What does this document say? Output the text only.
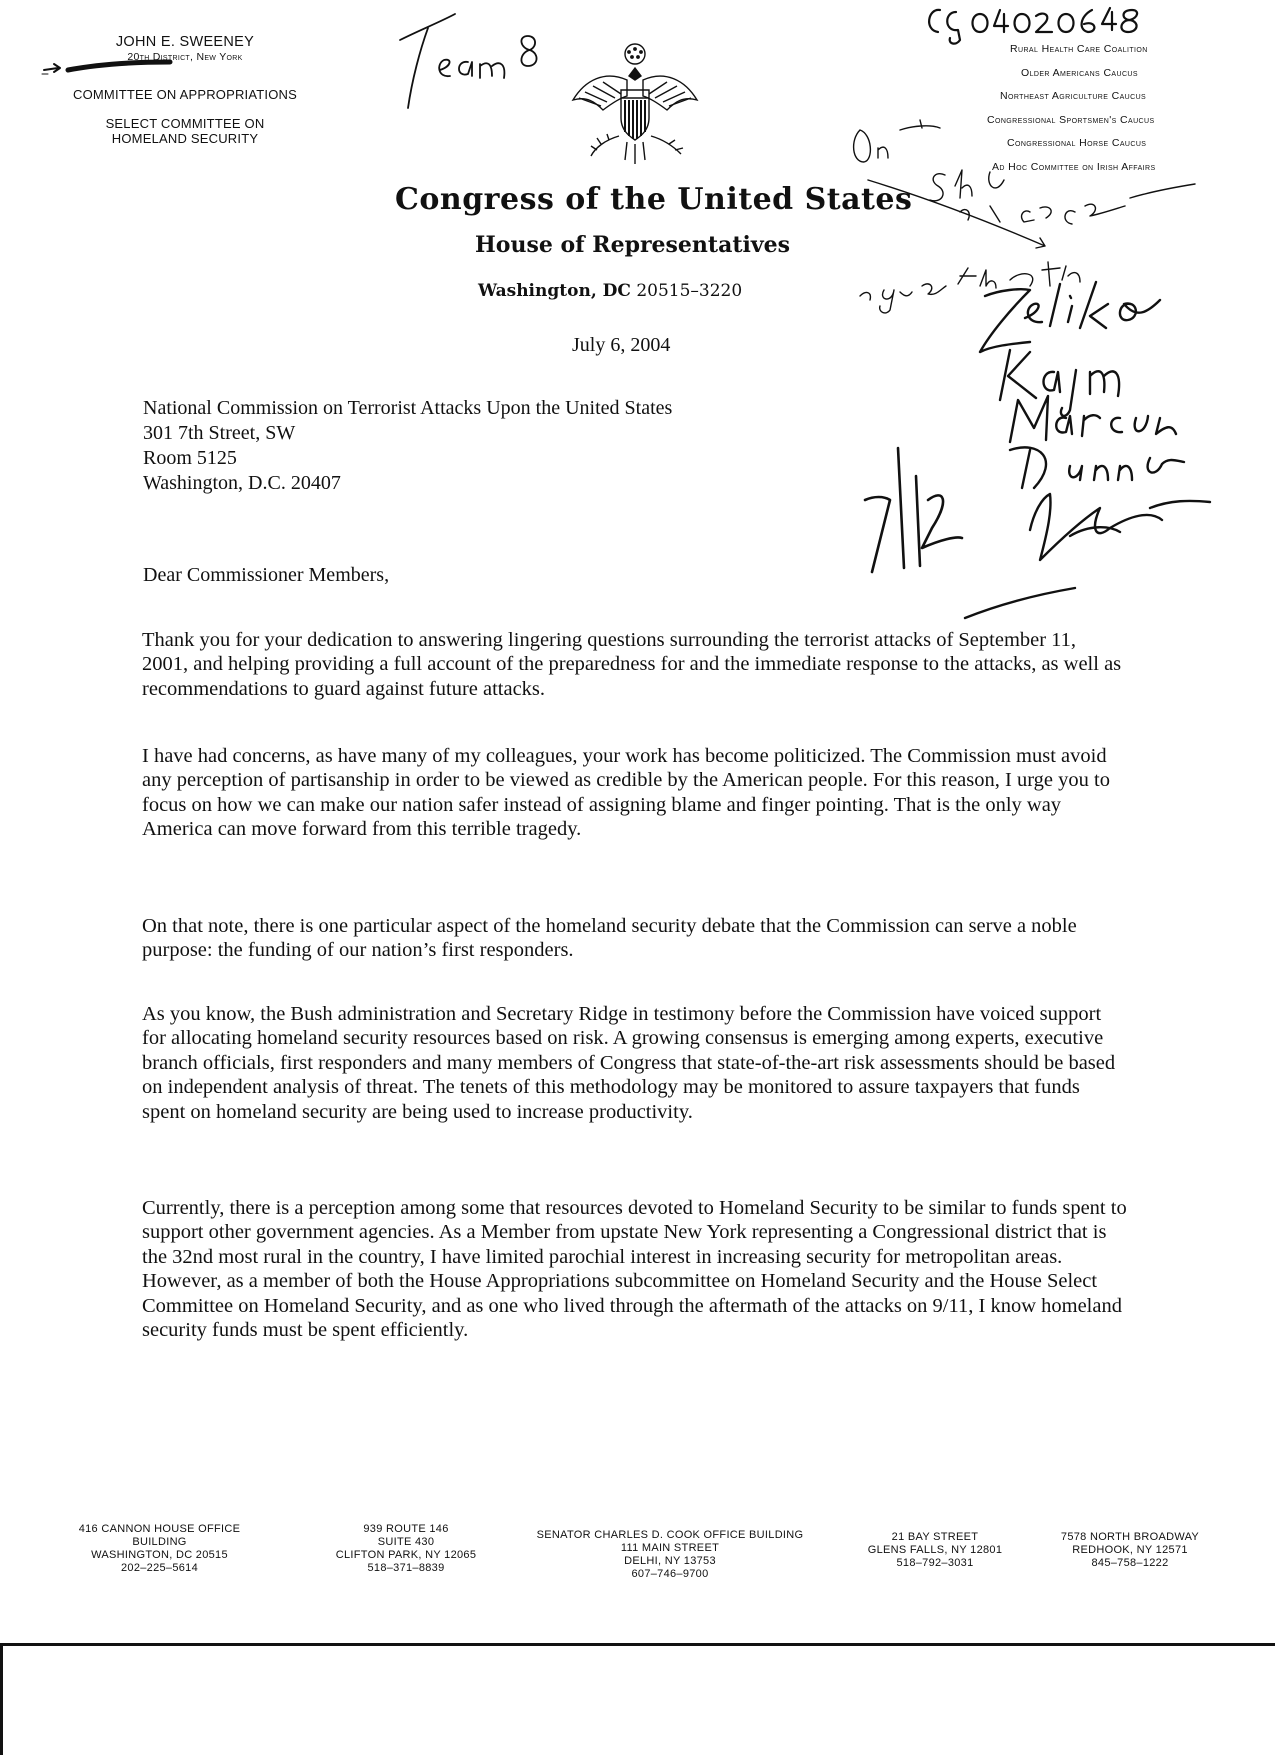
JOHN E. SWEENEY
20th District, New York
COMMITTEE ON APPROPRIATIONS
SELECT COMMITTEE ON
HOMELAND SECURITY
Rural Health Care Coalition
Older Americans Caucus
Northeast Agriculture Caucus
Congressional Sportsmen's Caucus
Congressional Horse Caucus
Ad Hoc Committee on Irish Affairs
Congress of the United States
House of Representatives
Washington, DC 20515–3220
July 6, 2004
National Commission on Terrorist Attacks Upon the United States
301 7th Street, SW
Room 5125
Washington, D.C. 20407
Dear Commissioner Members,
Thank you for your dedication to answering lingering questions surrounding the terrorist attacks of September 11, 2001, and helping providing a full account of the preparedness for and the immediate response to the attacks, as well as recommendations to guard against future attacks.
I have had concerns, as have many of my colleagues, your work has become politicized. The Commission must avoid any perception of partisanship in order to be viewed as credible by the American people. For this reason, I urge you to focus on how we can make our nation safer instead of assigning blame and finger pointing. That is the only way America can move forward from this terrible tragedy.
On that note, there is one particular aspect of the homeland security debate that the Commission can serve a noble purpose: the funding of our nation’s first responders.
As you know, the Bush administration and Secretary Ridge in testimony before the Commission have voiced support for allocating homeland security resources based on risk. A growing consensus is emerging among experts, executive branch officials, first responders and many members of Congress that state-of-the-art risk assessments should be based on independent analysis of threat. The tenets of this methodology may be monitored to assure taxpayers that funds spent on homeland security are being used to increase productivity.
Currently, there is a perception among some that resources devoted to Homeland Security to be similar to funds spent to support other government agencies. As a Member from upstate New York representing a Congressional district that is the 32nd most rural in the country, I have limited parochial interest in increasing security for metropolitan areas. However, as a member of both the House Appropriations subcommittee on Homeland Security and the House Select Committee on Homeland Security, and as one who lived through the aftermath of the attacks on 9/11, I know homeland security funds must be spent efficiently.
416 CANNON HOUSE OFFICE BUILDING
WASHINGTON, DC 20515
202–225–5614
939 ROUTE 146
SUITE 430
CLIFTON PARK, NY 12065
518–371–8839
SENATOR CHARLES D. COOK OFFICE BUILDING
111 MAIN STREET
DELHI, NY 13753
607–746–9700
21 BAY STREET
GLENS FALLS, NY 12801
518–792–3031
7578 NORTH BROADWAY
REDHOOK, NY 12571
845–758–1222
